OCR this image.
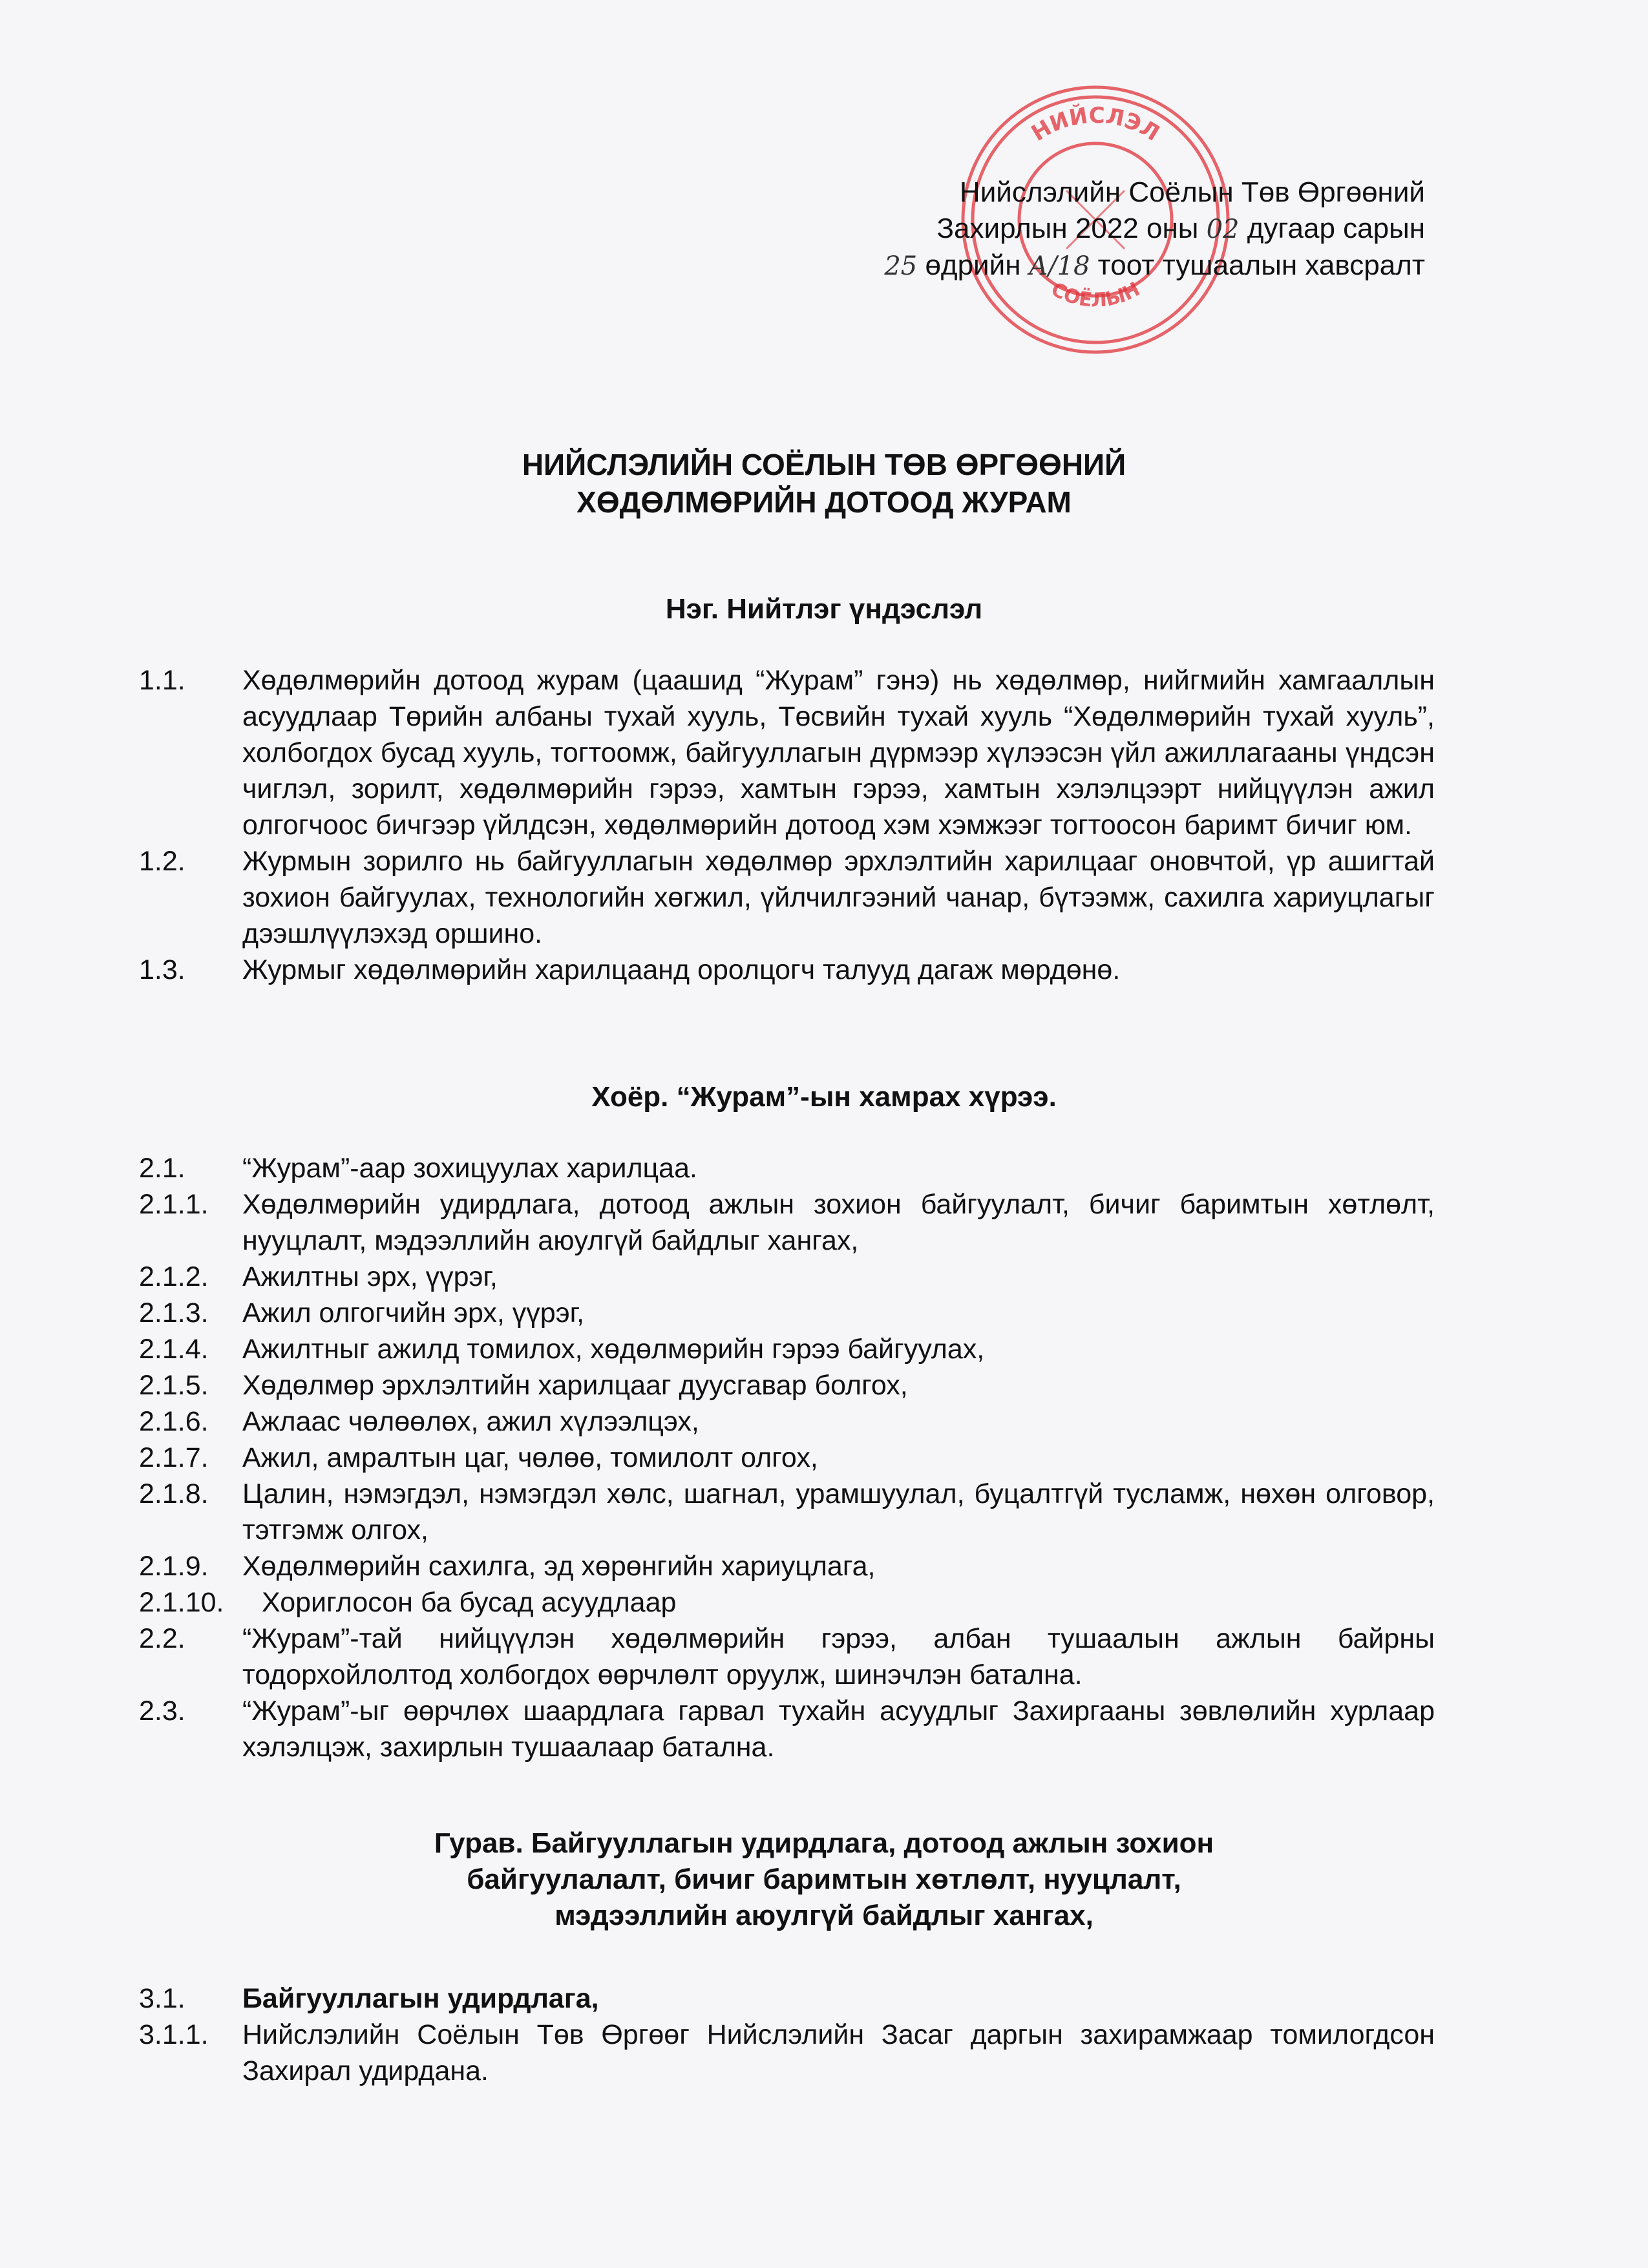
НИЙСЛЭЛ
СОЁЛЫН
Нийслэлийн Соёлын Төв Өргөөний
Захирлын 2022 оны 02 дугаар сарын
25 өдрийн А/18 тоот тушаалын хавсралт
НИЙСЛЭЛИЙН СОЁЛЫН ТӨВ ӨРГӨӨНИЙ
ХӨДӨЛМӨРИЙН ДОТООД ЖУРАМ
Нэг. Нийтлэг үндэслэл
1.1. Хөдөлмөрийн дотоод журам (цаашид “Журам” гэнэ) нь хөдөлмөр, нийгмийн хамгааллын асуудлаар Төрийн албаны тухай хууль, Төсвийн тухай хууль “Хөдөлмөрийн тухай хууль”, холбогдох бусад хууль, тогтоомж, байгууллагын дүрмээр хүлээсэн үйл ажиллагааны үндсэн чиглэл, зорилт, хөдөлмөрийн гэрээ, хамтын гэрээ, хамтын хэлэлцээрт нийцүүлэн ажил олгогчоос бичгээр үйлдсэн, хөдөлмөрийн дотоод хэм хэмжээг тогтоосон баримт бичиг юм.
1.2. Журмын зорилго нь байгууллагын хөдөлмөр эрхлэлтийн харилцааг оновчтой, үр ашигтай зохион байгуулах, технологийн хөгжил, үйлчилгээний чанар, бүтээмж, сахилга хариуцлагыг дээшлүүлэхэд оршино.
1.3. Журмыг хөдөлмөрийн харилцаанд оролцогч талууд дагаж мөрдөнө.
Хоёр. “Журам”-ын хамрах хүрээ.
2.1. “Журам”-аар зохицуулах харилцаа.
2.1.1. Хөдөлмөрийн удирдлага, дотоод ажлын зохион байгуулалт, бичиг баримтын хөтлөлт, нууцлалт, мэдээллийн аюулгүй байдлыг хангах,
2.1.2. Ажилтны эрх, үүрэг,
2.1.3. Ажил олгогчийн эрх, үүрэг,
2.1.4. Ажилтныг ажилд томилох, хөдөлмөрийн гэрээ байгуулах,
2.1.5. Хөдөлмөр эрхлэлтийн харилцааг дуусгавар болгох,
2.1.6. Ажлаас чөлөөлөх, ажил хүлээлцэх,
2.1.7. Ажил, амралтын цаг, чөлөө, томилолт олгох,
2.1.8. Цалин, нэмэгдэл, нэмэгдэл хөлс, шагнал, урамшуулал, буцалтгүй тусламж, нөхөн олговор, тэтгэмж олгох,
2.1.9. Хөдөлмөрийн сахилга, эд хөрөнгийн хариуцлага,
2.1.10. Хориглосон ба бусад асуудлаар
2.2. “Журам”-тай нийцүүлэн хөдөлмөрийн гэрээ, албан тушаалын ажлын байрны тодорхойлолтод холбогдох өөрчлөлт оруулж, шинэчлэн батална.
2.3. “Журам”-ыг өөрчлөх шаардлага гарвал тухайн асуудлыг Захиргааны зөвлөлийн хурлаар хэлэлцэж, захирлын тушаалаар батална.
Гурав. Байгууллагын удирдлага, дотоод ажлын зохион
байгуулалалт, бичиг баримтын хөтлөлт, нууцлалт,
мэдээллийн аюулгүй байдлыг хангах,
3.1. Байгууллагын удирдлага,
3.1.1. Нийслэлийн Соёлын Төв Өргөөг Нийслэлийн Засаг даргын захирамжаар томилогдсон Захирал удирдана.
